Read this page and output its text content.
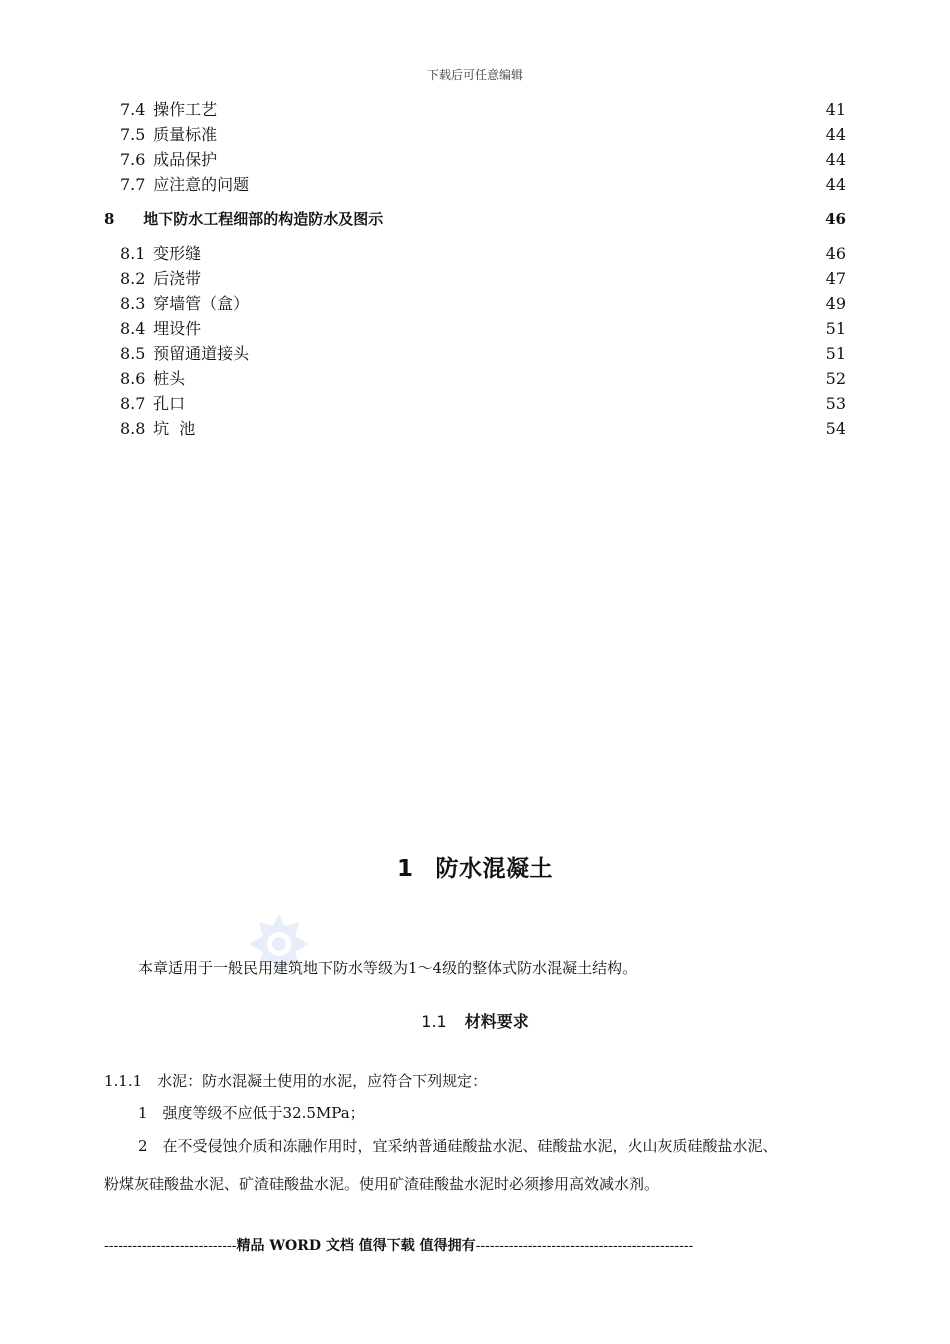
下载后可任意编辑
7.4 操作工艺	41
7.5 质量标准	44
7.6 成品保护	44
7.7 应注意的问题	44
8 地下防水工程细部的构造防水及图示	46
8.1 变形缝	46
8.2 后浇带	47
8.3 穿墙管（盒）	49
8.4 埋设件	51
8.5 预留通道接头	51
8.6 桩头	52
8.7 孔口	53
8.8 坑  池	54
1 防水混凝土
本章适用于一般民用建筑地下防水等级为1～4级的整体式防水混凝土结构。
1.1 材料要求
1.1.1　水泥：防水混凝土使用的水泥，应符合下列规定：
1　强度等级不应低于32.5MPa；
2　在不受侵蚀介质和冻融作用时，宜采纳普通硅酸盐水泥、硅酸盐水泥，火山灰质硅酸盐水泥、
粉煤灰硅酸盐水泥、矿渣硅酸盐水泥。使用矿渣硅酸盐水泥时必须掺用高效减水剂。
----------------------------精品 WORD 文档 值得下载 值得拥有----------------------------------------------
